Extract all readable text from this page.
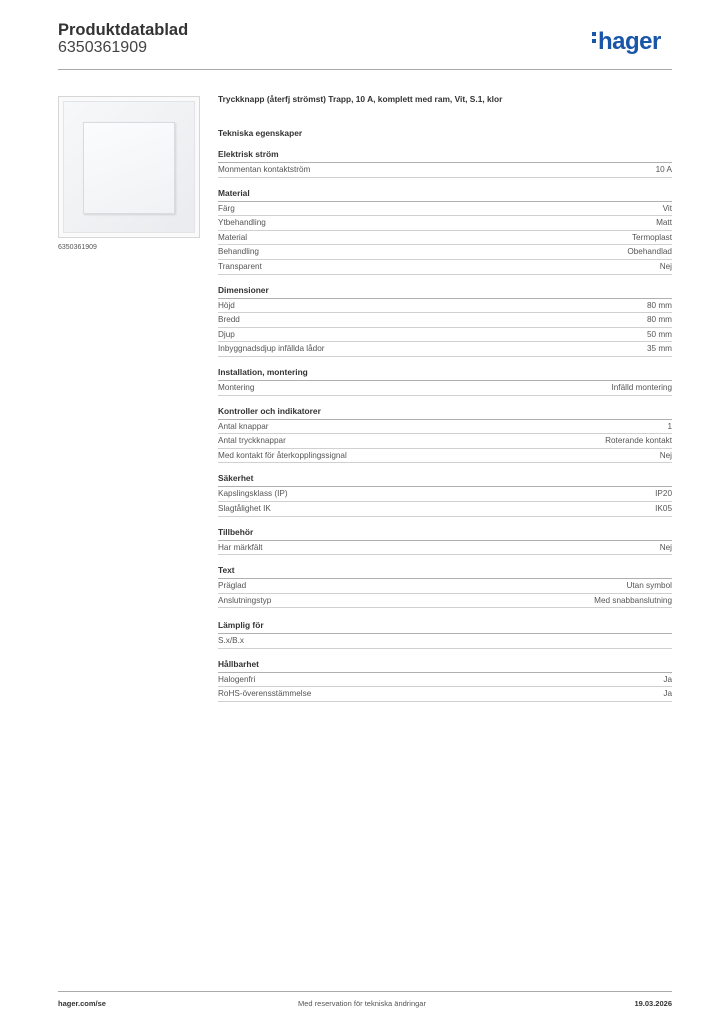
Produktdatablad
6350361909	hager
6350361909
Tryckknapp (återfj strömst) Trapp, 10 A, komplett med ram, Vit, S.1, klor
Tekniska egenskaper
Elektrisk ström
Monmentan kontaktström	10 A
Material
Färg	Vit
Ytbehandling	Matt
Material	Termoplast
Behandling	Obehandlad
Transparent	Nej
Dimensioner
Höjd	80 mm
Bredd	80 mm
Djup	50 mm
Inbyggnadsdjup infällda lådor	35 mm
Installation, montering
Montering	Infälld montering
Kontroller och indikatorer
Antal knappar	1
Antal tryckknappar	Roterande kontakt
Med kontakt för återkopplingssignal	Nej
Säkerhet
Kapslingsklass (IP)	IP20
Slagtålighet IK	IK05
Tillbehör
Har märkfält	Nej
Text
Präglad	Utan symbol
Anslutningstyp	Med snabbanslutning
Lämplig för
S.x/B.x
Hållbarhet
Halogenfri	Ja
RoHS-överensstämmelse	Ja
hager.com/se	Med reservation för tekniska ändringar	19.03.2026
